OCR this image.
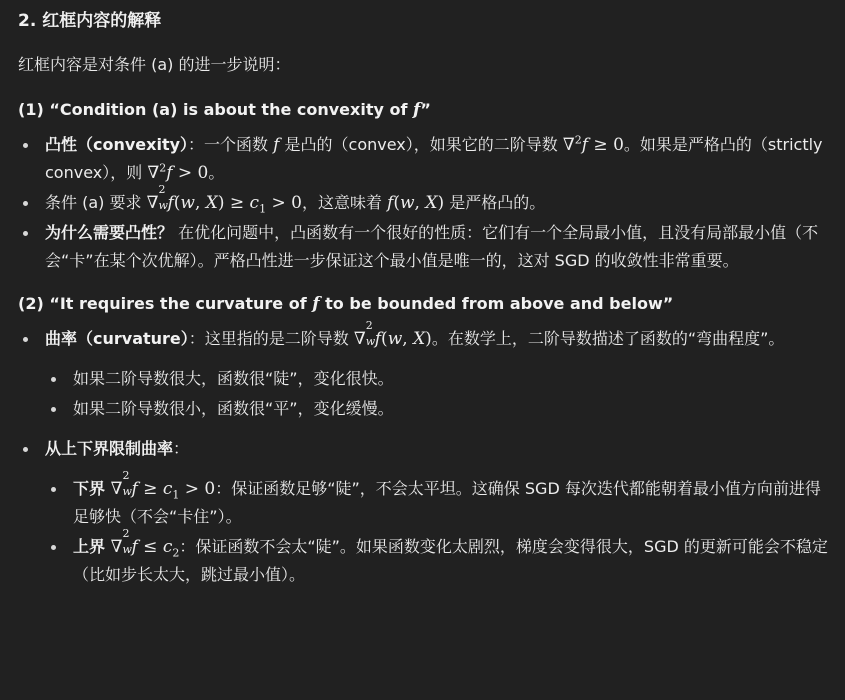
2. 红框内容的解释

红框内容是对条件 (a) 的进一步说明：

(1) “Condition (a) is about the convexity of f”
凸性（convexity）：一个函数 f 是凸的（convex），如果它的二阶导数 ∇$^2$f ≥ 0。如果是严格凸的（strictly convex），则 ∇$^2$f > 0。
条件 (a) 要求 ∇
2
w f(w, $X) \ge c_1 > 0$，这意味着 f(w, X) 是严格凸的。
为什么需要凸性？ 在优化问题中，凸函数有一个很好的性质：它们有一个全局最小值，且没有局部最小值（不会“卡”在某个次优解）。严格凸性进一步保证这个最小值是唯一的，这对 SGD 的收敛性非常重要。
(2) “It requires the curvature of f to be bounded from above and below”
曲率（curvature）：这里指的是二阶导数 ∇
2
w f(w, X)。在数学上，二阶导数描述了函数的“弯曲程度”。
如果二阶导数很大，函数很“陡”，变化很快。
如果二阶导数很小，函数很“平”，变化缓慢。
从上下界限制曲率：
下界 ∇
2
w $f \ge c_1 > 0$：保证函数足够“陡”，不会太平坦。这确保 SGD 每次迭代都能朝着最小值方向前进得足够快（不会“卡住”）。
上界 ∇
2
w $f \le c_2$：保证函数不会太“陡”。如果函数变化太剧烈，梯度会变得很大，SGD 的更新可能会不稳定（比如步长太大，跳过最小值）。
